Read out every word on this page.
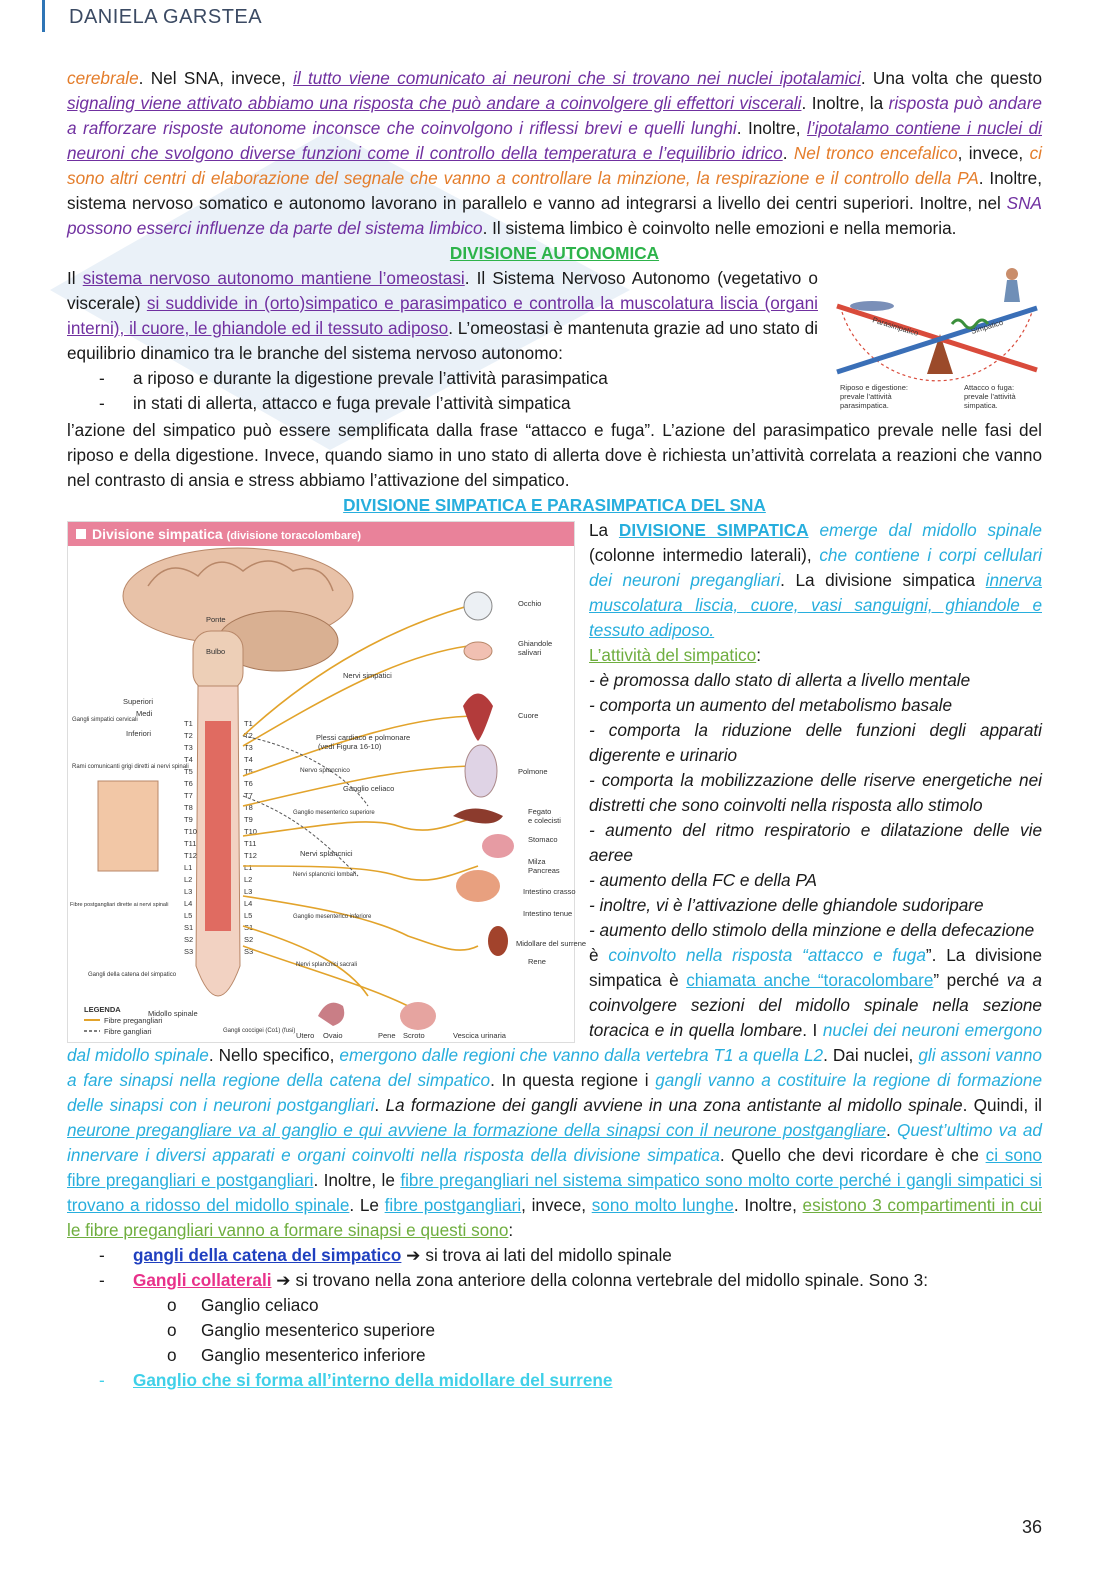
DANIELA GARSTEA

cerebrale. Nel SNA, invece, il tutto viene comunicato ai neuroni che si trovano nei nuclei ipotalamici. Una volta che questo signaling viene attivato abbiamo una risposta che può andare a coinvolgere gli effettori viscerali. Inoltre, la risposta può andare a rafforzare risposte autonome inconsce che coinvolgono i riflessi brevi e quelli lunghi. Inoltre, l’ipotalamo contiene i nuclei di neuroni che svolgono diverse funzioni come il controllo della temperatura e l’equilibrio idrico. Nel tronco encefalico, invece, ci sono altri centri di elaborazione del segnale che vanno a controllare la minzione, la respirazione e il controllo della PA. Inoltre, sistema nervoso somatico e autonomo lavorano in parallelo e vanno ad integrarsi a livello dei centri superiori. Inoltre, nel SNA possono esserci influenze da parte del sistema limbico. Il sistema limbico è coinvolto nelle emozioni e nella memoria.

DIVISIONE AUTONOMICA

Parasimpatico	Simpatico
Riposo e digestione:
prevale l’attività
parasimpatica.
Attacco o fuga:
prevale l’attività
simpatica.

Il sistema nervoso autonomo mantiene l’omeostasi. Il Sistema Nervoso Autonomo (vegetativo o viscerale) si suddivide in (orto)simpatico e parasimpatico e controlla la muscolatura liscia (organi interni), il cuore, le ghiandole ed il tessuto adiposo. L’omeostasi è mantenuta grazie ad uno stato di equilibrio dinamico tra le branche del sistema nervoso autonomo:

- a riposo e durante la digestione prevale l’attività parasimpatica

- in stati di allerta, attacco e fuga prevale l’attività simpatica

l’azione del simpatico può essere semplificata dalla frase “attacco e fuga”. L’azione del parasimpatico prevale nelle fasi del riposo e della digestione. Invece, quando siamo in uno stato di allerta dove è richiesta un’attività correlata a reazioni che vanno nel contrasto di ansia e stress abbiamo l’attivazione del simpatico.

DIVISIONE SIMPATICA E PARASIMPATICA DEL SNA

Divisione simpatica (divisione toracolombare)
T1	T1
T2	T2
T3	T3
T4	T4
T5	T5
T6	T6
T7	T7
T8	T8
T9	T9
T10	T10
T11	T11
T12	T12
L1	L1
L2	L2
L3	L3
L4	L4
L5	L5
S1	S1
S2	S2
S3	S3
Ponte
Bulbo
Occhio
Ghiandole
salivari
Nervi simpatici
Cuore
Polmone
Fegato
e colecisti
Stomaco
Milza
Pancreas
Intestino crasso
Intestino tenue
Midollare del surrene
Rene
Superiori
Medi
Inferiori
Gangli simpatici cervicali
Rami comunicanti grigi diretti ai nervi spinali
Plessi cardiaco e polmonare
(vedi Figura 16-10)
Nervo splancnico
Ganglio celiaco
Ganglio mesenterico superiore
Nervi splancnici
Nervi splancnici lombari
Ganglio mesenterico inferiore
Nervi splancnici sacrali
Fibre postgangliari dirette ai nervi spinali
Gangli della catena del simpatico
Midollo spinale
Gangli coccigei (Co1) (fusi) Utero Ovaio	Pene Scroto	Vescica urinaria
LEGENDA
Fibre pregangliari
Fibre gangliari

La DIVISIONE SIMPATICA emerge dal midollo spinale (colonne intermedio laterali), che contiene i corpi cellulari dei neuroni pregangliari. La divisione simpatica innerva muscolatura liscia, cuore, vasi sanguigni, ghiandole e tessuto adiposo.

L’attività del simpatico:

- è promossa dallo stato di allerta a livello mentale

- comporta un aumento del metabolismo basale

- comporta la riduzione delle funzioni degli apparati digerente e urinario

- comporta la mobilizzazione delle riserve energetiche nei distretti che sono coinvolti nella risposta allo stimolo

- aumento del ritmo respiratorio e dilatazione delle vie aeree

- aumento della FC e della PA

- inoltre, vi è l’attivazione delle ghiandole sudoripare

- aumento dello stimolo della minzione e della defecazione

è coinvolto nella risposta “attacco e fuga”. La divisione simpatica è chiamata anche “toracolombare” perché va a coinvolgere sezioni del midollo spinale nella sezione toracica e in quella lombare. I nuclei dei neuroni emergono dal midollo spinale. Nello specifico, emergono dalle regioni che vanno dalla vertebra T1 a quella L2. Dai nuclei, gli assoni vanno a fare sinapsi nella regione della catena del simpatico. In questa regione i gangli vanno a costituire la regione di formazione delle sinapsi con i neuroni postgangliari. La formazione dei gangli avviene in una zona antistante al midollo spinale. Quindi, il neurone pregangliare va al ganglio e qui avviene la formazione della sinapsi con il neurone postgangliare. Quest’ultimo va ad innervare i diversi apparati e organi coinvolti nella risposta della divisione simpatica. Quello che devi ricordare è che ci sono fibre pregangliari e postgangliari. Inoltre, le fibre pregangliari nel sistema simpatico sono molto corte perché i gangli simpatici si trovano a ridosso del midollo spinale. Le fibre postgangliari, invece, sono molto lunghe. Inoltre, esistono 3 compartimenti in cui le fibre pregangliari vanno a formare sinapsi e questi sono:

- gangli della catena del simpatico ➔ si trova ai lati del midollo spinale

- Gangli collaterali ➔ si trovano nella zona anteriore della colonna vertebrale del midollo spinale. Sono 3:

o Ganglio celiaco

o Ganglio mesenterico superiore

o Ganglio mesenterico inferiore

- Ganglio che si forma all’interno della midollare del surrene

36
